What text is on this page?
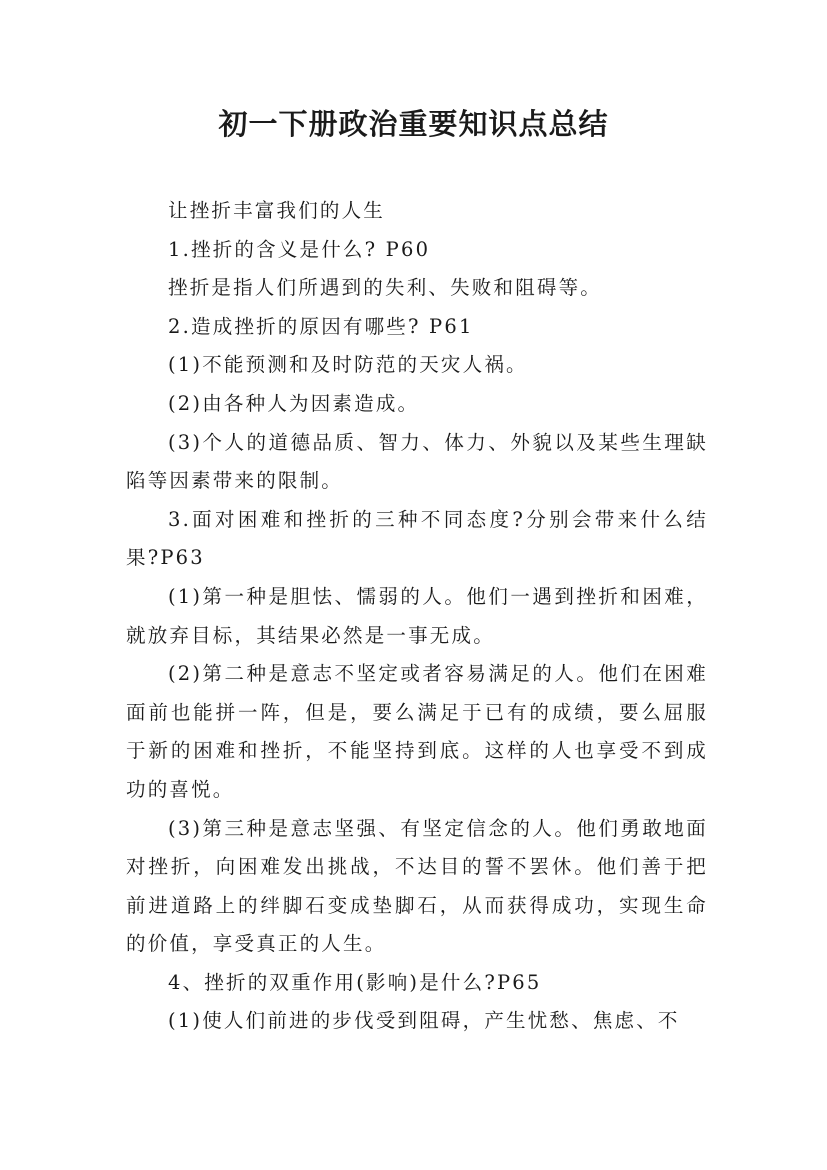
初一下册政治重要知识点总结

让挫折丰富我们的人生

1.挫折的含义是什么? P60

挫折是指人们所遇到的失利、失败和阻碍等。

2.造成挫折的原因有哪些? P61

(1)不能预测和及时防范的天灾人祸。

(2)由各种人为因素造成。

(3)个人的道德品质、智力、体力、外貌以及某些生理缺陷等因素带来的限制。

3.面对困难和挫折的三种不同态度?分别会带来什么结果?P63

(1)第一种是胆怯、懦弱的人。他们一遇到挫折和困难，就放弃目标，其结果必然是一事无成。

(2)第二种是意志不坚定或者容易满足的人。他们在困难面前也能拼一阵，但是，要么满足于已有的成绩，要么屈服于新的困难和挫折，不能坚持到底。这样的人也享受不到成功的喜悦。

(3)第三种是意志坚强、有坚定信念的人。他们勇敢地面对挫折，向困难发出挑战，不达目的誓不罢休。他们善于把前进道路上的绊脚石变成垫脚石，从而获得成功，实现生命的价值，享受真正的人生。

4、挫折的双重作用(影响)是什么?P65

(1)使人们前进的步伐受到阻碍，产生忧愁、焦虑、不
